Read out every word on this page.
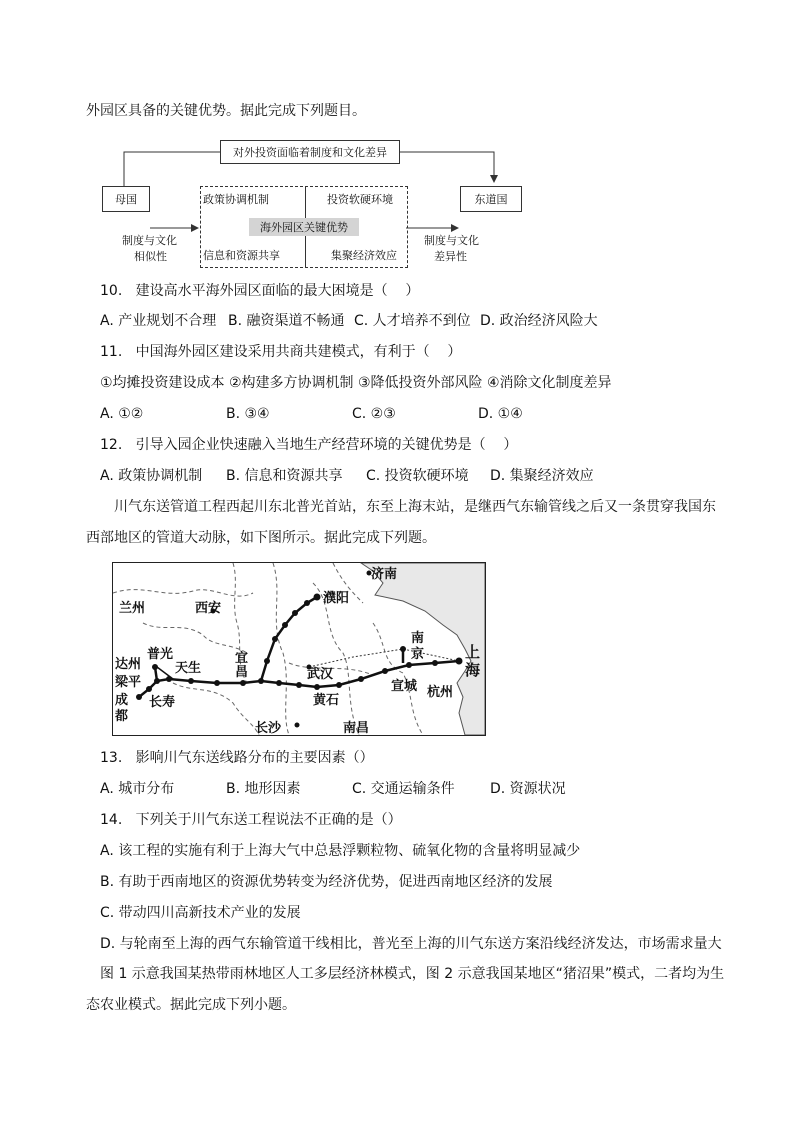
外园区具备的关键优势。据此完成下列题目。
对外投资面临着制度和文化差异
母国	东道国
政策协调机制	投资软硬环境
信息和资源共享	集聚经济效应
海外园区关键优势
制度与文化
相似性
制度与文化
差异性
10.   建设高水平海外园区面临的最大困境是（    ）
A. 产业规划不合理 B. 融资渠道不畅通 C. 人才培养不到位 D. 政治经济风险大
11.   中国海外园区建设采用共商共建模式，有利于（    ）
①均摊投资建设成本 ②构建多方协调机制 ③降低投资外部风险 ④消除文化制度差异
A. ①②	B. ③④	C. ②③	D. ①④
12.   引导入园企业快速融入当地生产经营环境的关键优势是（    ）
A. 政策协调机制 B. 信息和资源共享 C. 投资软硬环境 D. 集聚经济效应
川气东送管道工程西起川东北普光首站，东至上海末站，是继西气东输管线之后又一条贯穿我国东
西部地区的管道大动脉，如下图所示。据此完成下列题。
济南
兰州	西安
濮阳
南
京	上
海
达州
普光
天生
宜
昌	武汉
梁平
成
都
长寿	黄石
宣城 杭州
长沙	南昌
13.   影响川气东送线路分布的主要因素（）
A. 城市分布	B. 地形因素	C. 交通运输条件	D. 资源状况
14.   下列关于川气东送工程说法不正确的是（）
A. 该工程的实施有利于上海大气中总悬浮颗粒物、硫氧化物的含量将明显减少
B. 有助于西南地区的资源优势转变为经济优势，促进西南地区经济的发展
C. 带动四川高新技术产业的发展
D. 与轮南至上海的西气东输管道干线相比，普光至上海的川气东送方案沿线经济发达，市场需求量大
图 1 示意我国某热带雨林地区人工多层经济林模式，图 2 示意我国某地区“猪沼果”模式，二者均为生
态农业模式。据此完成下列小题。
